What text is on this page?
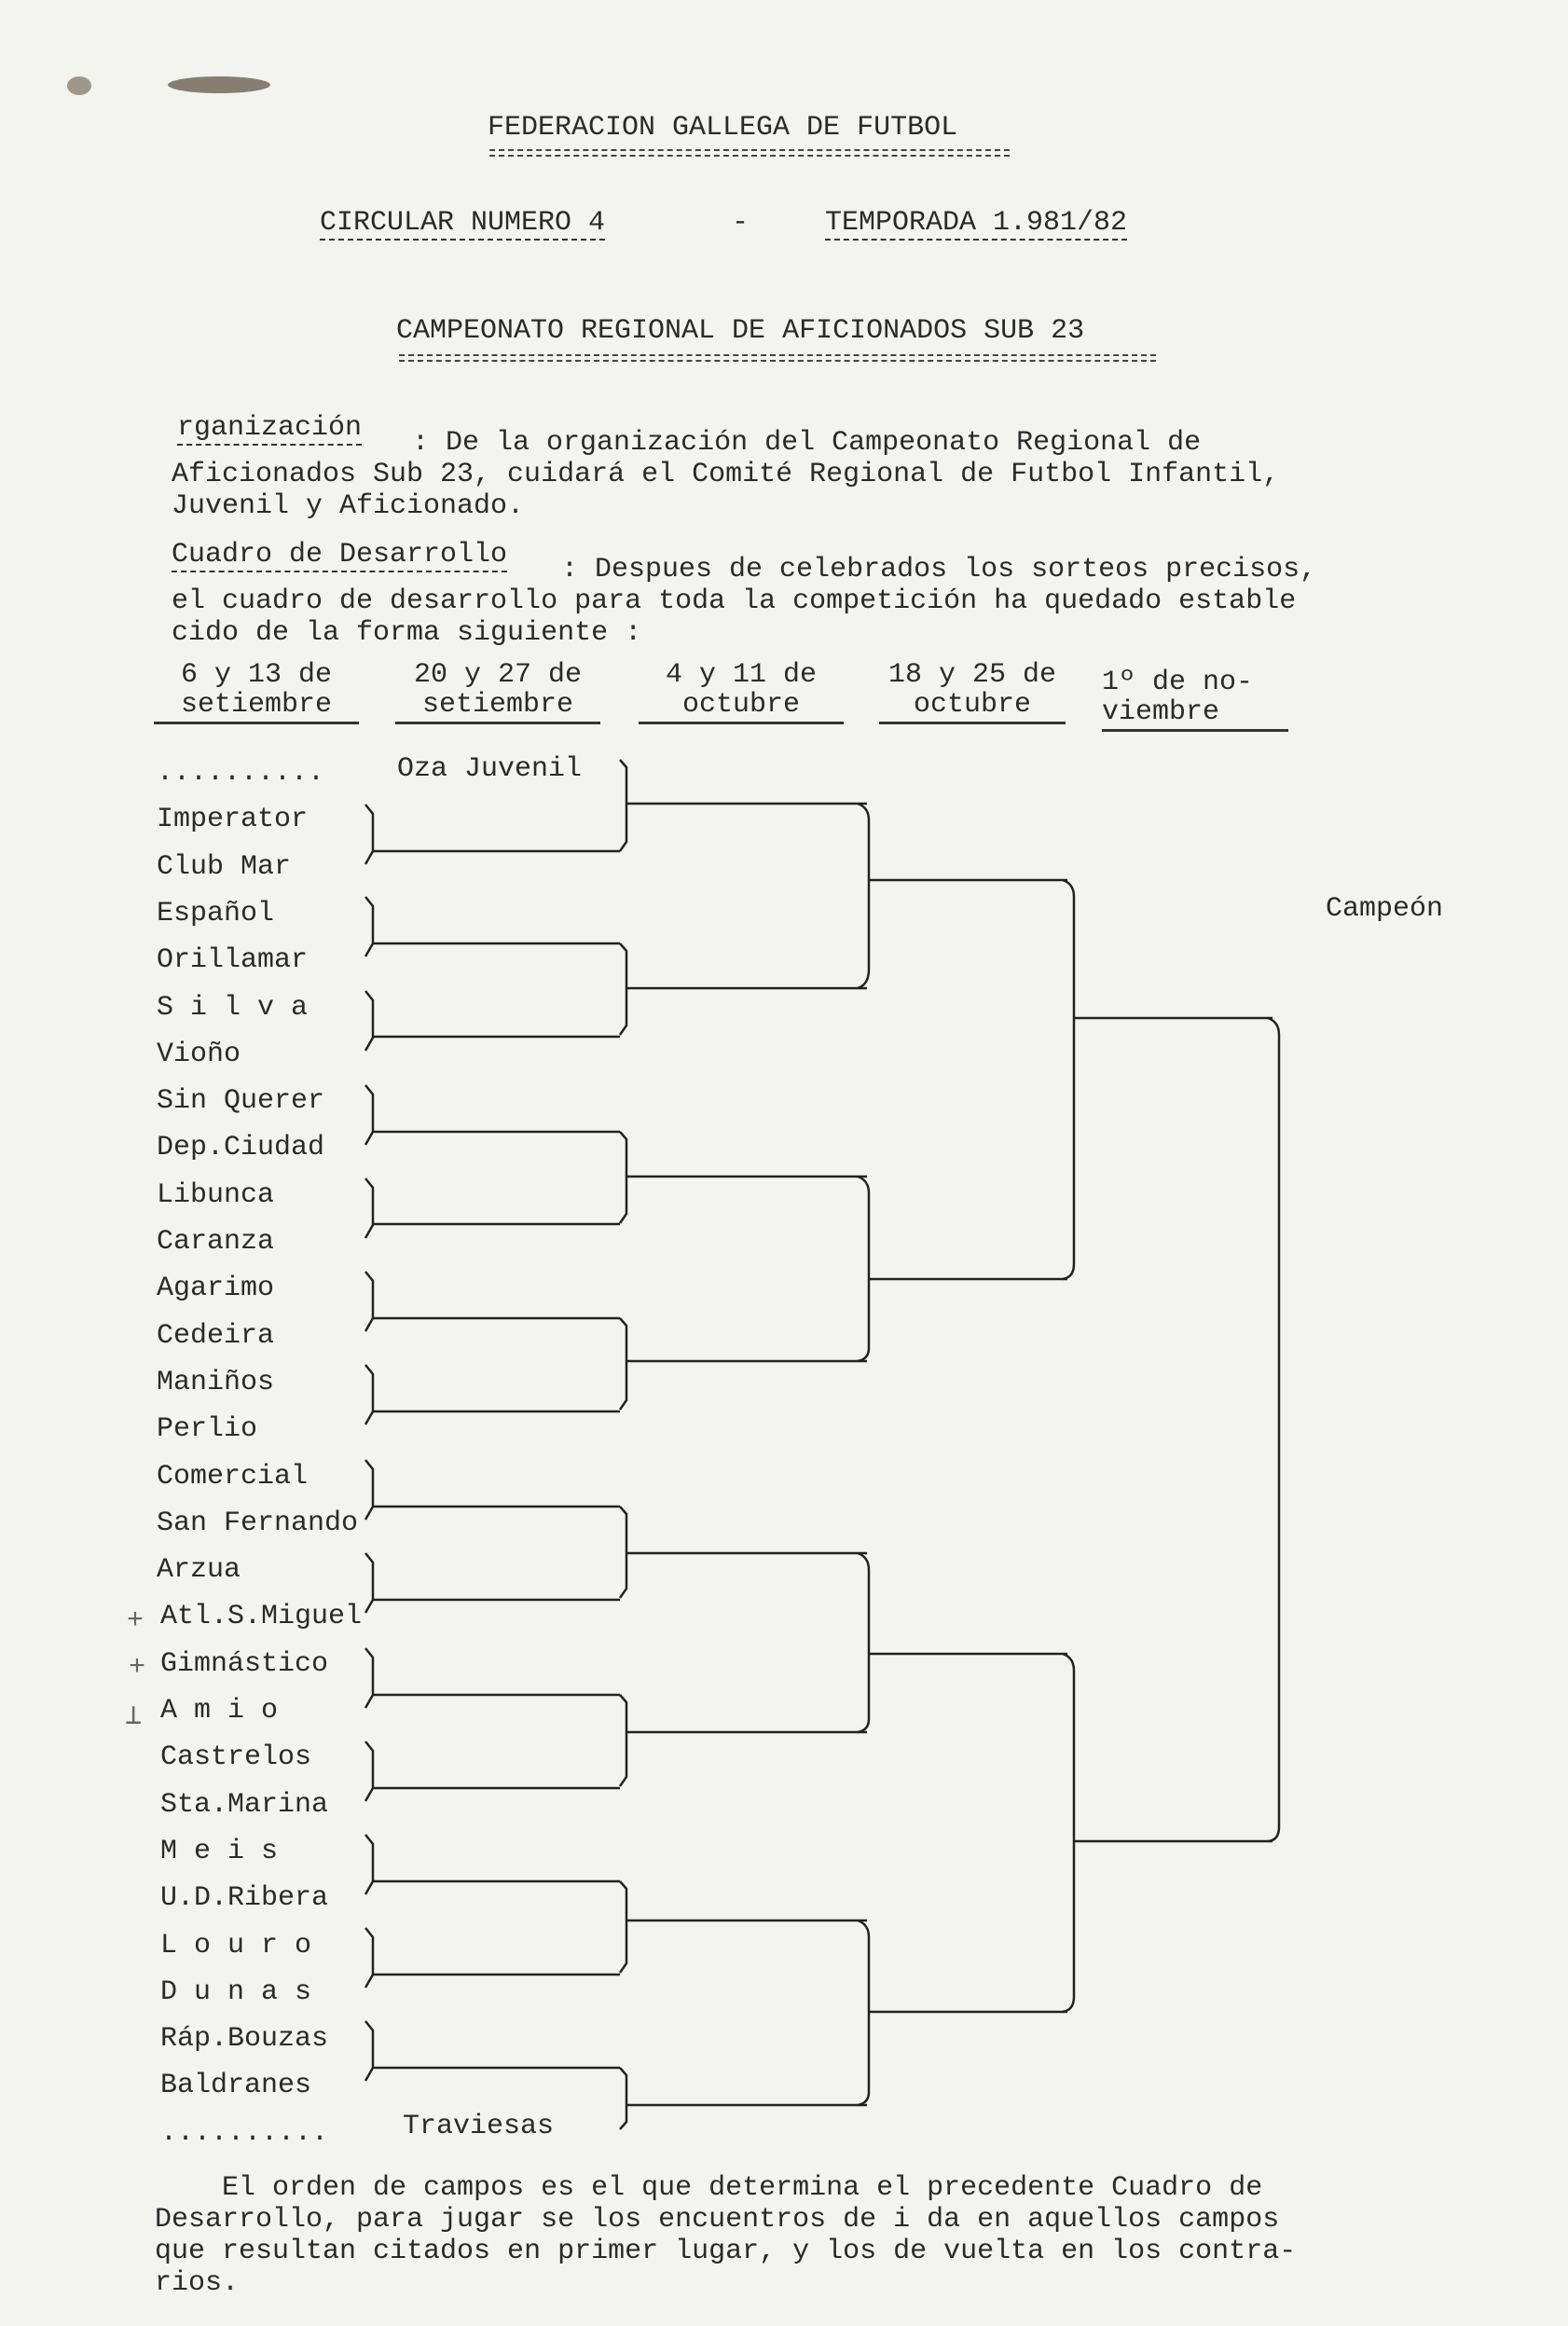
FEDERACION GALLEGA DE FUTBOL
CIRCULAR NUMERO 4	-	TEMPORADA 1.981/82
CAMPEONATO REGIONAL DE AFICIONADOS SUB 23
rganización	: De la organización del Campeonato Regional de
Aficionados Sub 23, cuidará el Comité Regional de Futbol Infantil,
Juvenil y Aficionado.
Cuadro de Desarrollo	: Despues de celebrados los sorteos precisos,
el cuadro de desarrollo para toda la competición ha quedado estable
cido de la forma siguiente :
6 y 13 de
setiembre
20 y 27 de
setiembre
4 y 11 de
octubre
18 y 25 de
octubre
1º de no-
viembre
..........
Imperator
Club Mar
Español
Orillamar
S i l v a
Vioño
Sin Querer
Dep.Ciudad
Libunca
Caranza
Agarimo
Cedeira
Maniños
Perlio
Comercial
San Fernando
Arzua
Atl.S.Miguel
Gimnástico
A m i o
Castrelos
Sta.Marina
M e i s
U.D.Ribera
L o u r o
D u n a s
Ráp.Bouzas
Baldranes
..........
Oza Juvenil
Traviesas
Campeón
+
+
⊥
El orden de campos es el que determina el precedente Cuadro de
Desarrollo, para jugar se los encuentros de i da en aquellos campos
que resultan citados en primer lugar, y los de vuelta en los contra-
rios.
